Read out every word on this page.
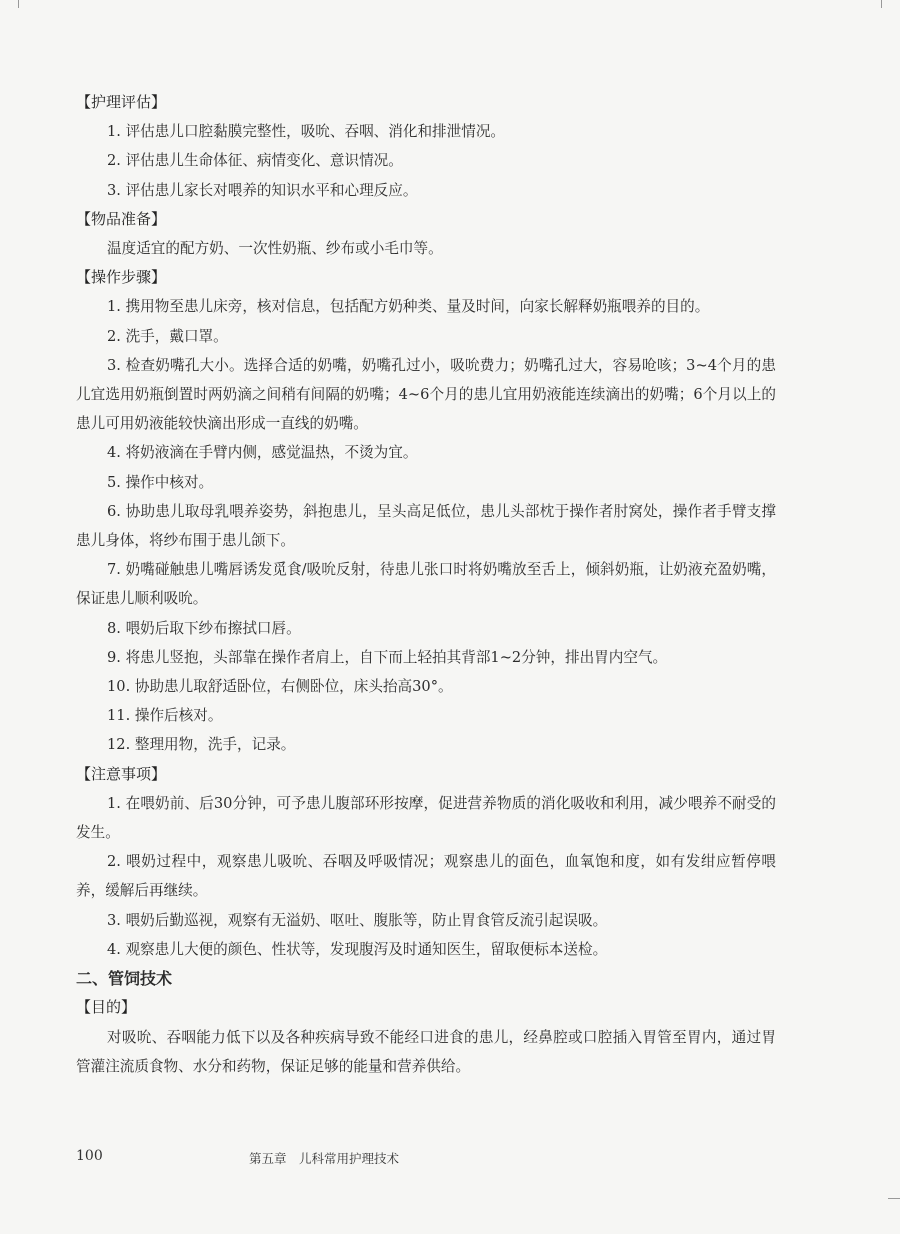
【护理评估】

1. 评估患儿口腔黏膜完整性，吸吮、吞咽、消化和排泄情况。

2. 评估患儿生命体征、病情变化、意识情况。

3. 评估患儿家长对喂养的知识水平和心理反应。

【物品准备】

温度适宜的配方奶、一次性奶瓶、纱布或小毛巾等。

【操作步骤】

1. 携用物至患儿床旁，核对信息，包括配方奶种类、量及时间，向家长解释奶瓶喂养的目的。

2. 洗手，戴口罩。

3. 检查奶嘴孔大小。选择合适的奶嘴，奶嘴孔过小，吸吮费力；奶嘴孔过大，容易呛咳；3~4个月的患儿宜选用奶瓶倒置时两奶滴之间稍有间隔的奶嘴；4~6个月的患儿宜用奶液能连续滴出的奶嘴；6个月以上的患儿可用奶液能较快滴出形成一直线的奶嘴。

4. 将奶液滴在手臂内侧，感觉温热，不烫为宜。

5. 操作中核对。

6. 协助患儿取母乳喂养姿势，斜抱患儿，呈头高足低位，患儿头部枕于操作者肘窝处，操作者手臂支撑患儿身体，将纱布围于患儿颌下。

7. 奶嘴碰触患儿嘴唇诱发觅食/吸吮反射，待患儿张口时将奶嘴放至舌上，倾斜奶瓶，让奶液充盈奶嘴，保证患儿顺利吸吮。

8. 喂奶后取下纱布擦拭口唇。

9. 将患儿竖抱，头部靠在操作者肩上，自下而上轻拍其背部1~2分钟，排出胃内空气。

10. 协助患儿取舒适卧位，右侧卧位，床头抬高30°。

11. 操作后核对。

12. 整理用物，洗手，记录。

【注意事项】

1. 在喂奶前、后30分钟，可予患儿腹部环形按摩，促进营养物质的消化吸收和利用，减少喂养不耐受的发生。

2. 喂奶过程中，观察患儿吸吮、吞咽及呼吸情况；观察患儿的面色，血氧饱和度，如有发绀应暂停喂养，缓解后再继续。

3. 喂奶后勤巡视，观察有无溢奶、呕吐、腹胀等，防止胃食管反流引起误吸。

4. 观察患儿大便的颜色、性状等，发现腹泻及时通知医生，留取便标本送检。

二、管饲技术

【目的】

对吸吮、吞咽能力低下以及各种疾病导致不能经口进食的患儿，经鼻腔或口腔插入胃管至胃内，通过胃管灌注流质食物、水分和药物，保证足够的能量和营养供给。

100	第五章　儿科常用护理技术
